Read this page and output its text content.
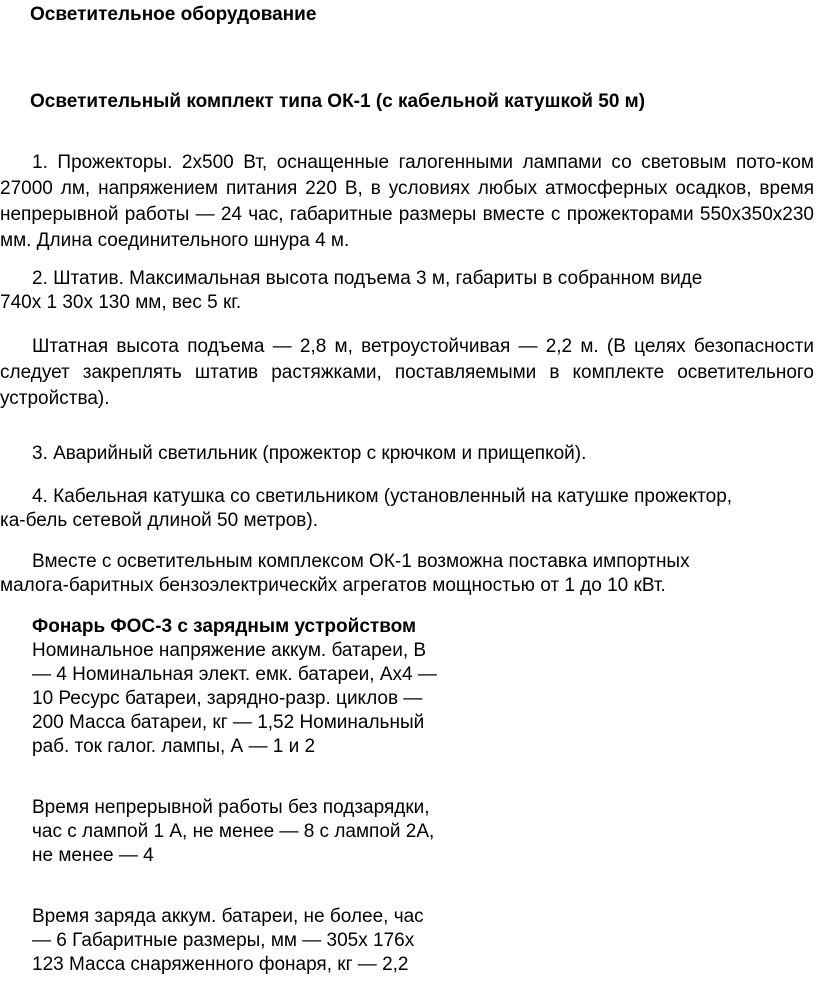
Осветительное оборудование
Осветительный комплект типа ОК-1 (с кабельной катушкой 50 м)
1. Прожекторы. 2х500 Вт, оснащенные галогенными лампами со световым пото-ком 27000 лм, напряжением питания 220 В, в условиях любых атмосферных осадков, время непрерывной работы — 24 час, габаритные размеры вместе с прожекторами 550х350х230 мм. Длина соединительного шнура 4 м.
2. Штатив. Максимальная высота подъема 3 м, габариты в собранном виде
740х 1 30х 130 мм, вес 5 кг.
Штатная высота подъема — 2,8 м, ветроустойчивая — 2,2 м. (В целях безопасности следует закреплять штатив растяжками, поставляемыми в комплекте осветительного устройства).
3. Аварийный светильник (прожектор с крючком и прищепкой).
4. Кабельная катушка со светильником (установленный на катушке прожектор,
ка-бель сетевой длиной 50 метров).
Вместе с осветительным комплексом ОК-1 возможна поставка импортных
малога-баритных бензоэлектрическйх агрегатов мощностью от 1 до 10 кВт.
Фонарь ФОС-3 с зарядным устройством
Номинальное напряжение аккум. батареи, В
— 4 Номинальная элект. емк. батареи, Ах4 —
10 Ресурс батареи, зарядно-разр. циклов —
200 Масса батареи, кг — 1,52 Номинальный
раб. ток галог. лампы, А — 1 и 2
Время непрерывной работы без подзарядки,
час с лампой 1 А, не менее — 8 с лампой 2А,
не менее — 4
Время заряда аккум. батареи, не более, час
— 6 Габаритные размеры, мм — 305х 176х
123 Масса снаряженного фонаря, кг — 2,2
